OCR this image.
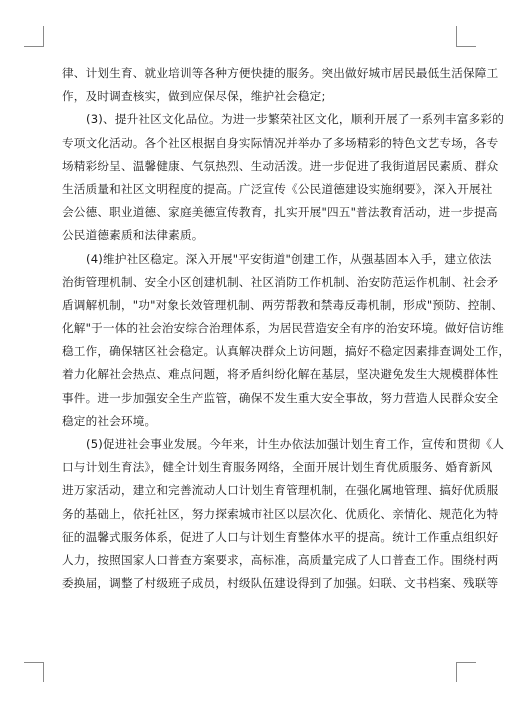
律、计划生育、就业培训等各种方便快捷的服务。突出做好城市居民最低生活保障工
作，及时调查核实，做到应保尽保，维护社会稳定;
(3)、提升社区文化品位。为进一步繁荣社区文化，顺利开展了一系列丰富多彩的
专项文化活动。各个社区根据自身实际情况并举办了多场精彩的特色文艺专场，各专
场精彩纷呈、温馨健康、气氛热烈、生动活泼。进一步促进了我街道居民素质、群众
生活质量和社区文明程度的提高。广泛宣传《公民道德建设实施纲要》，深入开展社
会公德、职业道德、家庭美德宣传教育，扎实开展"四五"普法教育活动，进一步提高
公民道德素质和法律素质。
(4)维护社区稳定。深入开展"平安街道"创建工作，从强基固本入手，建立依法
治街管理机制、安全小区创建机制、社区消防工作机制、治安防范运作机制、社会矛
盾调解机制，"功"对象长效管理机制、两劳帮教和禁毒反毒机制，形成"预防、控制、
化解"于一体的社会治安综合治理体系，为居民营造安全有序的治安环境。做好信访维
稳工作，确保辖区社会稳定。认真解决群众上访问题，搞好不稳定因素排查调处工作，
着力化解社会热点、难点问题，将矛盾纠纷化解在基层，坚决避免发生大规模群体性
事件。进一步加强安全生产监管，确保不发生重大安全事故，努力营造人民群众安全
稳定的社会环境。
(5)促进社会事业发展。今年来，计生办依法加强计划生育工作，宣传和贯彻《人
口与计划生育法》，健全计划生育服务网络，全面开展计划生育优质服务、婚育新风
进万家活动，建立和完善流动人口计划生育管理机制，在强化属地管理、搞好优质服
务的基础上，依托社区，努力探索城市社区以层次化、优质化、亲情化、规范化为特
征的温馨式服务体系，促进了人口与计划生育整体水平的提高。统计工作重点组织好
人力，按照国家人口普查方案要求，高标准，高质量完成了人口普查工作。围绕村两
委换届，调整了村级班子成员，村级队伍建设得到了加强。妇联、文书档案、残联等
